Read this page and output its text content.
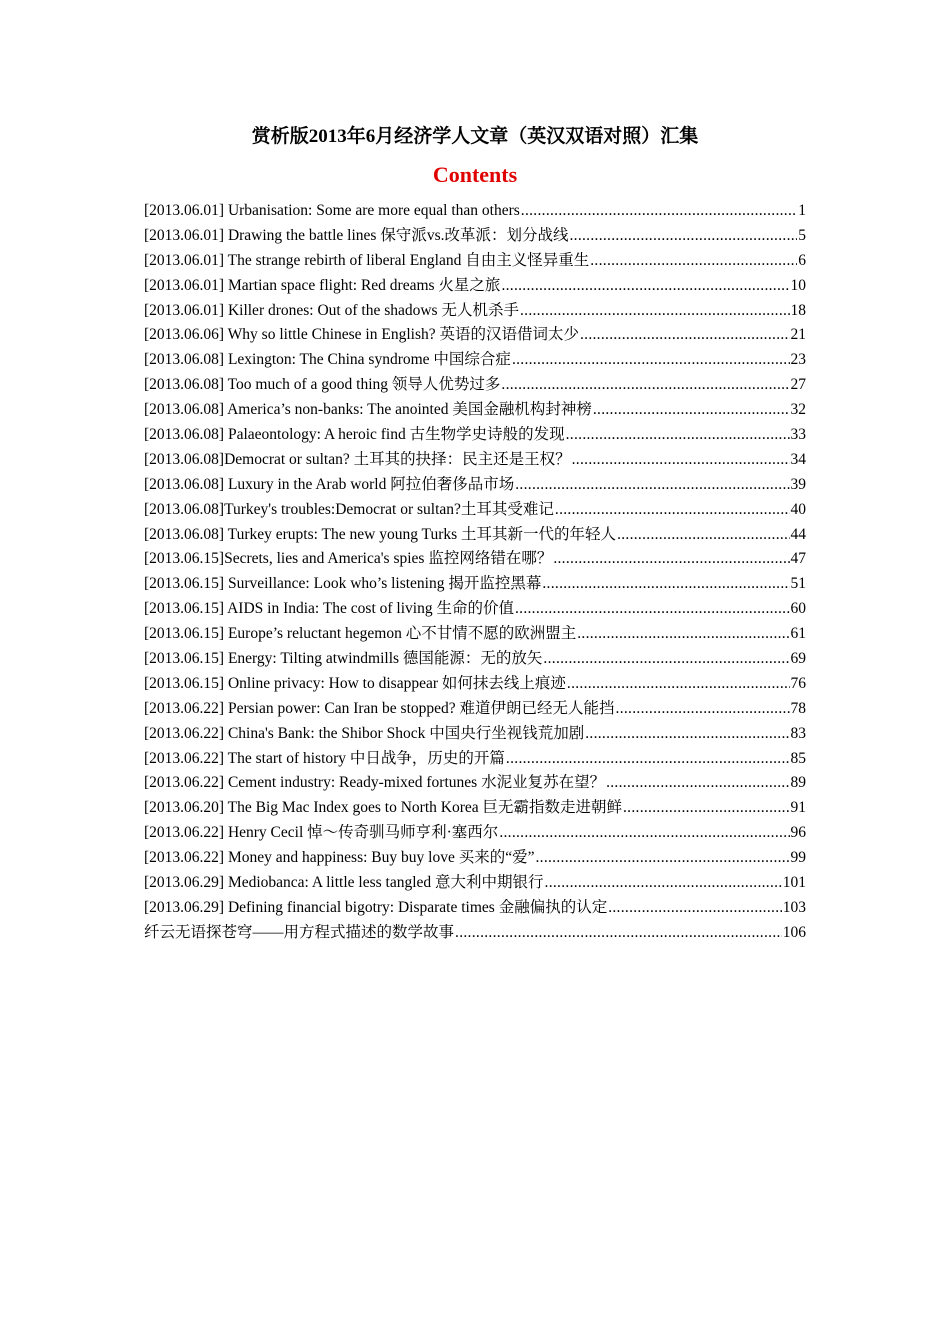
赏析版2013年6月经济学人文章（英汉双语对照）汇集
Contents
[2013.06.01] Urbanisation: Some are more equal than others .....	1
[2013.06.01] Drawing the battle lines 保守派vs.改革派：划分战线 .....	5
[2013.06.01] The strange rebirth of liberal England 自由主义怪异重生 .....	6
[2013.06.01] Martian space flight: Red dreams 火星之旅 .....	10
[2013.06.01] Killer drones: Out of the shadows 无人机杀手 .....	18
[2013.06.06] Why so little Chinese in English? 英语的汉语借词太少 .....	21
[2013.06.08] Lexington: The China syndrome 中国综合症 .....	23
[2013.06.08] Too much of a good thing 领导人优势过多 .....	27
[2013.06.08] America’s non-banks: The anointed 美国金融机构封神榜 .....	32
[2013.06.08] Palaeontology: A heroic find 古生物学史诗般的发现 .....	33
[2013.06.08]Democrat or sultan? 土耳其的抉择：民主还是王权？ .....	34
[2013.06.08] Luxury in the Arab world 阿拉伯奢侈品市场 .....	39
[2013.06.08]Turkey's troubles:Democrat or sultan?土耳其受难记 .....	40
[2013.06.08] Turkey erupts: The new young Turks 土耳其新一代的年轻人 .....	44
[2013.06.15]Secrets, lies and America's spies 监控网络错在哪？ .....	47
[2013.06.15] Surveillance: Look who’s listening 揭开监控黑幕 .....	51
[2013.06.15] AIDS in India: The cost of living 生命的价值 .....	60
[2013.06.15] Europe’s reluctant hegemon 心不甘情不愿的欧洲盟主 .....	61
[2013.06.15] Energy: Tilting atwindmills 德国能源：无的放矢 .....	69
[2013.06.15] Online privacy: How to disappear 如何抹去线上痕迹 .....	76
[2013.06.22] Persian power: Can Iran be stopped? 难道伊朗已经无人能挡 .....	78
[2013.06.22] China's Bank: the Shibor Shock 中国央行坐视钱荒加剧 .....	83
[2013.06.22] The start of history 中日战争，历史的开篇 .....	85
[2013.06.22] Cement industry: Ready-mixed fortunes 水泥业复苏在望？ .....	89
[2013.06.20] The Big Mac Index goes to North Korea 巨无霸指数走进朝鲜 .....	91
[2013.06.22] Henry Cecil 悼～传奇驯马师亨利·塞西尔 .....	96
[2013.06.22] Money and happiness: Buy buy love 买来的“爱” .....	99
[2013.06.29] Mediobanca: A little less tangled 意大利中期银行 .....	101
[2013.06.29] Defining financial bigotry: Disparate times 金融偏执的认定 .....	103
纤云无语探苍穹——用方程式描述的数学故事 .....	106
